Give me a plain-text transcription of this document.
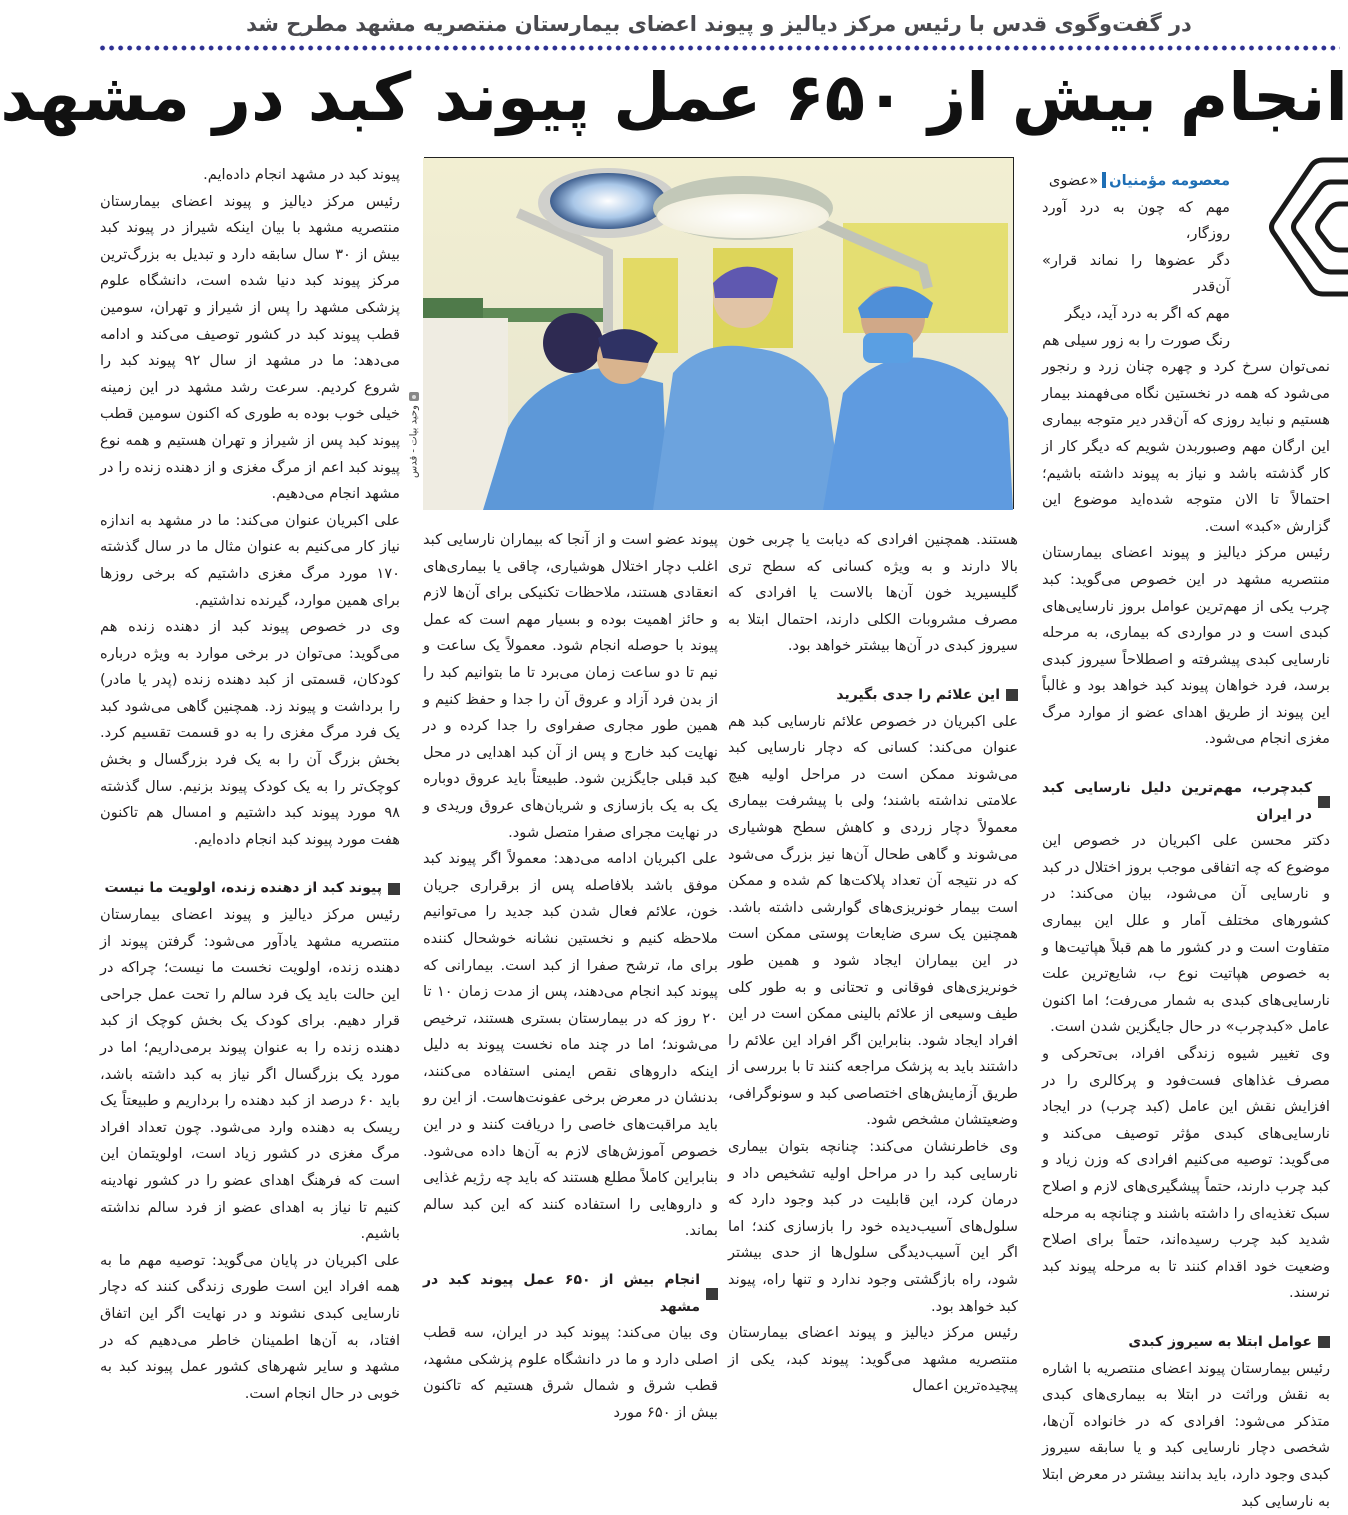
در گفت‌وگوی قدس با رئیس مرکز دیالیز و پیوند اعضای بیمارستان منتصریه مشهد مطرح شد
انجام بیش از ۶۵۰ عمل پیوند کبد در مشهد
معصومه مؤمنیان«عضوی
مهم که چون به درد آورد روزگار،
دگر عضوها را نماند قرار» آن‌قدر
مهم که اگر به درد آید، دیگر
رنگ صورت را به زور سیلی هم

نمی‌توان سرخ کرد و چهره چنان زرد و رنجور می‌شود که همه در نخستین نگاه می‌فهمند بیمار هستیم و نباید روزی که آن‌قدر دیر متوجه بیماری این ارگان مهم وصبوربدن شویم که دیگر کار از کار گذشته باشد و نیاز به پیوند داشته باشیم؛ احتمالاً تا الان متوجه شده‌اید موضوع این گزارش «کبد» است.

رئیس مرکز دیالیز و پیوند اعضای بیمارستان منتصریه مشهد در این خصوص می‌گوید: کبد چرب یکی از مهم‌ترین عوامل بروز نارسایی‌های کبدی است و در مواردی که بیماری، به مرحله نارسایی کبدی پیشرفته و اصطلاحاً سیروز کبدی برسد، فرد خواهان پیوند کبد خواهد بود و غالباً این پیوند از طریق اهدای عضو از موارد مرگ مغزی انجام می‌شود.

کبدچرب، مهم‌ترین دلیل نارسایی کبد در ایران

دکتر محسن علی اکبریان در خصوص این موضوع که چه اتفاقی موجب بروز اختلال در کبد و نارسایی آن می‌شود، بیان می‌کند: در کشورهای مختلف آمار و علل این بیماری متفاوت است و در کشور ما هم قبلاً هپاتیت‌ها و به خصوص هپاتیت نوع ب، شایع‌ترین علت نارسایی‌های کبدی به شمار می‌رفت؛ اما اکنون عامل «کبدچرب» در حال جایگزین شدن است.

وی تغییر شیوه زندگی افراد، بی‌تحرکی و مصرف غذاهای فست‌فود و پرکالری را در افزایش نقش این عامل (کبد چرب) در ایجاد نارسایی‌های کبدی مؤثر توصیف می‌کند و می‌گوید: توصیه می‌کنیم افرادی که وزن زیاد و کبد چرب دارند، حتماً پیشگیری‌های لازم و اصلاح سبک تغذیه‌ای را داشته باشند و چنانچه به مرحله شدید کبد چرب رسیده‌اند، حتماً برای اصلاح وضعیت خود اقدام کنند تا به مرحله پیوند کبد نرسند.

عوامل ابتلا به سیروز کبدی

رئیس بیمارستان پیوند اعضای منتصریه با اشاره به نقش وراثت در ابتلا به بیماری‌های کبدی متذکر می‌شود: افرادی که در خانواده آن‌ها، شخصی دچار نارسایی کبد و یا سابقه سیروز کبدی وجود دارد، باید بدانند بیشتر در معرض ابتلا به نارسایی کبد

وحید بیات - قدس

هستند. همچنین افرادی که دیابت یا چربی خون بالا دارند و به ویژه کسانی که سطح تری گلیسیرید خون آن‌ها بالاست یا افرادی که مصرف مشروبات الکلی دارند، احتمال ابتلا به سیروز کبدی در آن‌ها بیشتر خواهد بود.

این علائم را جدی بگیرید

علی اکبریان در خصوص علائم نارسایی کبد هم عنوان می‌کند: کسانی که دچار نارسایی کبد می‌شوند ممکن است در مراحل اولیه هیچ علامتی نداشته باشند؛ ولی با پیشرفت بیماری معمولاً دچار زردی و کاهش سطح هوشیاری می‌شوند و گاهی طحال آن‌ها نیز بزرگ می‌شود که در نتیجه آن تعداد پلاکت‌ها کم شده و ممکن است بیمار خونریزی‌های گوارشی داشته باشد. همچنین یک سری ضایعات پوستی ممکن است در این بیماران ایجاد شود و همین طور خونریزی‌های فوقانی و تحتانی و به طور کلی طیف وسیعی از علائم بالینی ممکن است در این افراد ایجاد شود. بنابراین اگر افراد این علائم را داشتند باید به پزشک مراجعه کنند تا با بررسی از طریق آزمایش‌های اختصاصی کبد و سونوگرافی، وضعیتشان مشخص شود.

وی خاطرنشان می‌کند: چنانچه بتوان بیماری نارسایی کبد را در مراحل اولیه تشخیص داد و درمان کرد، این قابلیت در کبد وجود دارد که سلول‌های آسیب‌دیده خود را بازسازی کند؛ اما اگر این آسیب‌دیدگی سلول‌ها از حدی بیشتر شود، راه بازگشتی وجود ندارد و تنها راه، پیوند کبد خواهد بود.

رئیس مرکز دیالیز و پیوند اعضای بیمارستان منتصریه مشهد می‌گوید: پیوند کبد، یکی از پیچیده‌ترین اعمال

پیوند عضو است و از آنجا که بیماران نارسایی کبد اغلب دچار اختلال هوشیاری، چاقی یا بیماری‌های انعقادی هستند، ملاحظات تکنیکی برای آن‌ها لازم و حائز اهمیت بوده و بسیار مهم است که عمل پیوند با حوصله انجام شود. معمولاً یک ساعت و نیم تا دو ساعت زمان می‌برد تا ما بتوانیم کبد را از بدن فرد آزاد و عروق آن را جدا و حفظ کنیم و همین طور مجاری صفراوی را جدا کرده و در نهایت کبد خارج و پس از آن کبد اهدایی در محل کبد قبلی جایگزین شود. طبیعتاً باید عروق دوباره یک به یک بازسازی و شریان‌های عروق وریدی و در نهایت مجرای صفرا متصل شود.

علی اکبریان ادامه می‌دهد: معمولاً اگر پیوند کبد موفق باشد بلافاصله پس از برقراری جریان خون، علائم فعال شدن کبد جدید را می‌توانیم ملاحظه کنیم و نخستین نشانه خوشحال کننده برای ما، ترشح صفرا از کبد است. بیمارانی که پیوند کبد انجام می‌دهند، پس از مدت زمان ۱۰ تا ۲۰ روز که در بیمارستان بستری هستند، ترخیص می‌شوند؛ اما در چند ماه نخست پیوند به دلیل اینکه داروهای نقص ایمنی استفاده می‌کنند، بدنشان در معرض برخی عفونت‌هاست. از این رو باید مراقبت‌های خاصی را دریافت کنند و در این خصوص آموزش‌های لازم به آن‌ها داده می‌شود. بنابراین کاملاً مطلع هستند که باید چه رژیم غذایی و داروهایی را استفاده کنند که این کبد سالم بماند.

انجام بیش از ۶۵۰ عمل پیوند کبد در مشهد

وی بیان می‌کند: پیوند کبد در ایران، سه قطب اصلی دارد و ما در دانشگاه علوم پزشکی مشهد، قطب شرق و شمال شرق هستیم که تاکنون بیش از ۶۵۰ مورد

پیوند کبد در مشهد انجام داده‌ایم.

رئیس مرکز دیالیز و پیوند اعضای بیمارستان منتصریه مشهد با بیان اینکه شیراز در پیوند کبد بیش از ۳۰ سال سابقه دارد و تبدیل به بزرگ‌ترین مرکز پیوند کبد دنیا شده است، دانشگاه علوم پزشکی مشهد را پس از شیراز و تهران، سومین قطب پیوند کبد در کشور توصیف می‌کند و ادامه می‌دهد: ما در مشهد از سال ۹۲ پیوند کبد را شروع کردیم. سرعت رشد مشهد در این زمینه خیلی خوب بوده به طوری که اکنون سومین قطب پیوند کبد پس از شیراز و تهران هستیم و همه نوع پیوند کبد اعم از مرگ مغزی و از دهنده زنده را در مشهد انجام می‌دهیم.

علی اکبریان عنوان می‌کند: ما در مشهد به اندازه نیاز کار می‌کنیم به عنوان مثال ما در سال گذشته ۱۷۰ مورد مرگ مغزی داشتیم که برخی روزها برای همین موارد، گیرنده نداشتیم.

وی در خصوص پیوند کبد از دهنده زنده هم می‌گوید: می‌توان در برخی موارد به ویژه درباره کودکان، قسمتی از کبد دهنده زنده (پدر یا مادر) را برداشت و پیوند زد. همچنین گاهی می‌شود کبد یک فرد مرگ مغزی را به دو قسمت تقسیم کرد. بخش بزرگ آن را به یک فرد بزرگسال و بخش کوچک‌تر را به یک کودک پیوند بزنیم. سال گذشته ۹۸ مورد پیوند کبد داشتیم و امسال هم تاکنون هفت مورد پیوند کبد انجام داده‌ایم.

پیوند کبد از دهنده زنده، اولویت ما نیست

رئیس مرکز دیالیز و پیوند اعضای بیمارستان منتصریه مشهد یادآور می‌شود: گرفتن پیوند از دهنده زنده، اولویت نخست ما نیست؛ چراکه در این حالت باید یک فرد سالم را تحت عمل جراحی قرار دهیم. برای کودک یک بخش کوچک از کبد دهنده زنده را به عنوان پیوند برمی‌داریم؛ اما در مورد یک بزرگسال اگر نیاز به کبد داشته باشد، باید ۶۰ درصد از کبد دهنده را برداریم و طبیعتاً یک ریسک به دهنده وارد می‌شود. چون تعداد افراد مرگ مغزی در کشور زیاد است، اولویتمان این است که فرهنگ اهدای عضو را در کشور نهادینه کنیم تا نیاز به اهدای عضو از فرد سالم نداشته باشیم.

علی اکبریان در پایان می‌گوید: توصیه مهم ما به همه افراد این است طوری زندگی کنند که دچار نارسایی کبدی نشوند و در نهایت اگر این اتفاق افتاد، به آن‌ها اطمینان خاطر می‌دهیم که در مشهد و سایر شهرهای کشور عمل پیوند کبد به خوبی در حال انجام است.
